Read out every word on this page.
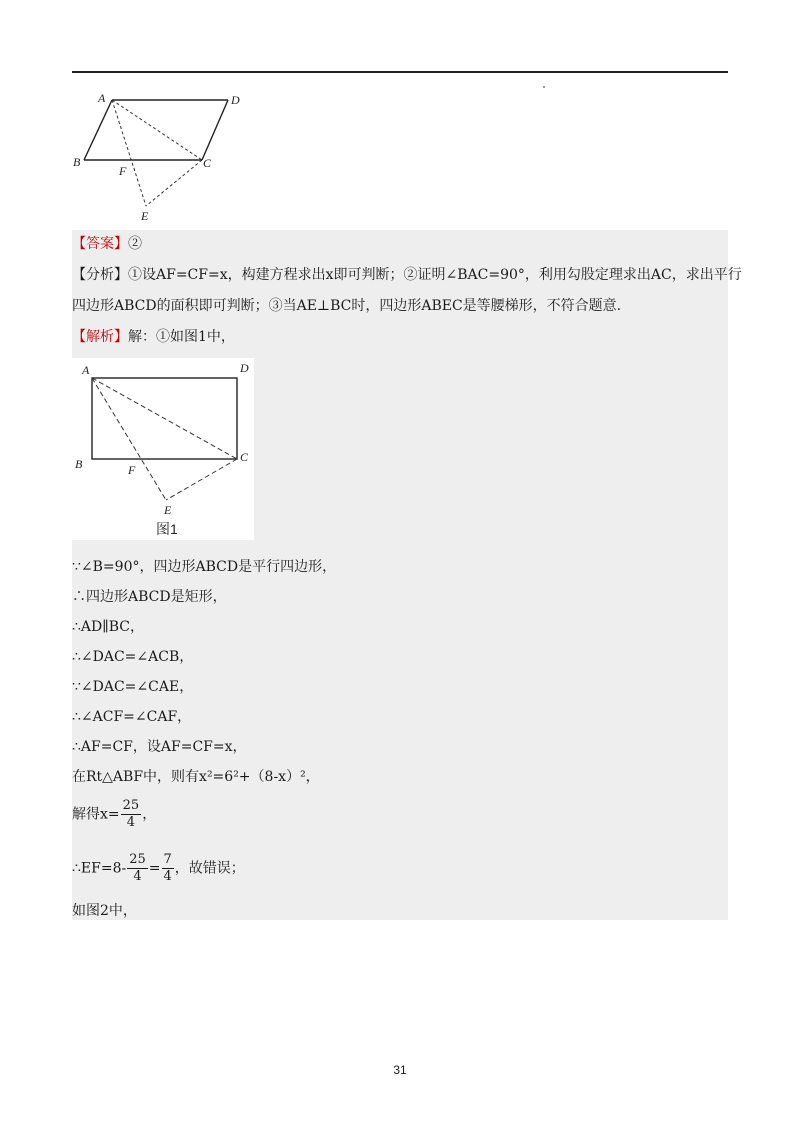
A	D
B
F
C
E
【答案】②
【分析】①设AF=CF=x，构建方程求出x即可判断；②证明∠BAC=90°，利用勾股定理求出AC，求出平行
四边形ABCD的面积即可判断；③当AE⊥BC时，四边形ABEC是等腰梯形，不符合题意.
【解析】解：①如图1中，
A	D
B	F
C
E
图1
∵∠B=90°，四边形ABCD是平行四边形，
∴四边形ABCD是矩形，
∴AD∥BC，
∴∠DAC=∠ACB，
∵∠DAC=∠CAE，
∴∠ACF=∠CAF，
∴AF=CF，设AF=CF=x，
在Rt△ABF中，则有x²=6²+（8-x）²，
解得$x= \frac{25}{4}$ ，
∴EF=8- $\frac{25}{4} = \frac{7}{4}$ ，故错误；
如图2中，
31
